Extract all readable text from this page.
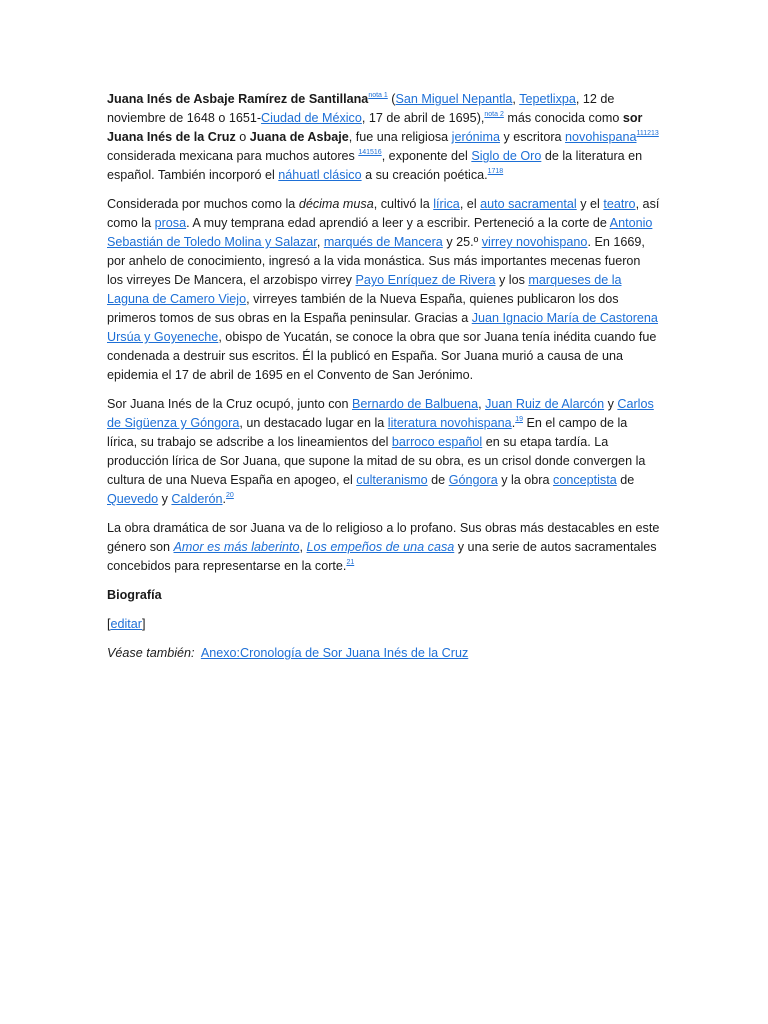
Juana Inés de Asbaje Ramírez de Santillana$^{nota 1}$ (San Miguel Nepantla, Tepetlixpa, 12 de noviembre de 1648 o 1651-Ciudad de México, 17 de abril de 1695),$^{nota 2}$ más conocida como sor Juana Inés de la Cruz o Juana de Asbaje, fue una religiosa jerónima y escritora novohispana$^{111213}$ considerada mexicana para muchos autores $^{141516}$, exponente del Siglo de Oro de la literatura en español. También incorporó el náhuatl clásico a su creación poética.$^{1718}$

Considerada por muchos como la décima musa, cultivó la lírica, el auto sacramental y el teatro, así como la prosa. A muy temprana edad aprendió a leer y a escribir. Perteneció a la corte de Antonio Sebastián de Toledo Molina y Salazar, marqués de Mancera y 25.º virrey novohispano. En 1669, por anhelo de conocimiento, ingresó a la vida monástica. Sus más importantes mecenas fueron los virreyes De Mancera, el arzobispo virrey Payo Enríquez de Rivera y los marqueses de la Laguna de Camero Viejo, virreyes también de la Nueva España, quienes publicaron los dos primeros tomos de sus obras en la España peninsular. Gracias a Juan Ignacio María de Castorena Ursúa y Goyeneche, obispo de Yucatán, se conoce la obra que sor Juana tenía inédita cuando fue condenada a destruir sus escritos. Él la publicó en España. Sor Juana murió a causa de una epidemia el 17 de abril de 1695 en el Convento de San Jerónimo.

Sor Juana Inés de la Cruz ocupó, junto con Bernardo de Balbuena, Juan Ruiz de Alarcón y Carlos de Sigüenza y Góngora, un destacado lugar en la literatura novohispana.$^{19}$ En el campo de la lírica, su trabajo se adscribe a los lineamientos del barroco español en su etapa tardía. La producción lírica de Sor Juana, que supone la mitad de su obra, es un crisol donde convergen la cultura de una Nueva España en apogeo, el culteranismo de Góngora y la obra conceptista de Quevedo y Calderón.$^{20}$

La obra dramática de sor Juana va de lo religioso a lo profano. Sus obras más destacables en este género son Amor es más laberinto, Los empeños de una casa y una serie de autos sacramentales concebidos para representarse en la corte.$^{21}$

Biografía

[editar]

Véase también: Anexo:Cronología de Sor Juana Inés de la Cruz
